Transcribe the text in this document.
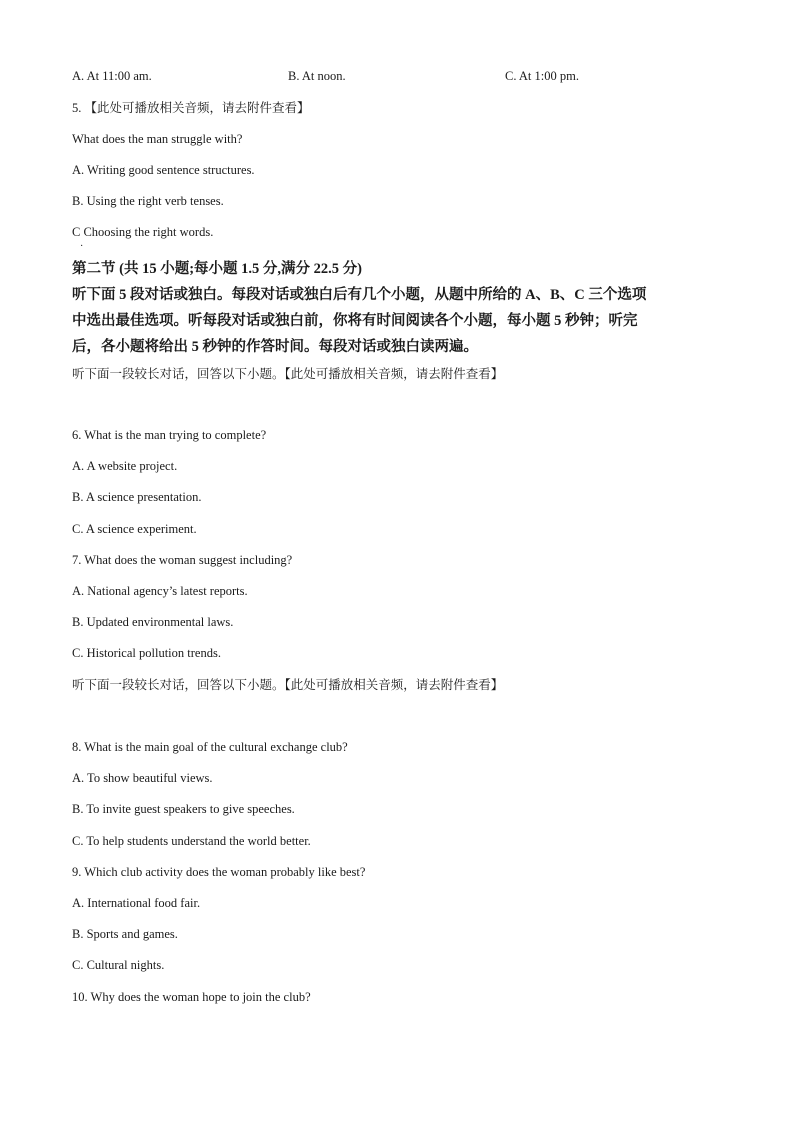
A. At 11:00 am.	B. At noon.	C. At 1:00 pm.
5. 【此处可播放相关音频，请去附件查看】
What does the man struggle with?
A. Writing good sentence structures.
B. Using the right verb tenses.
C Choosing the right words.
·
第二节 (共 15 小题;每小题 1.5 分,满分 22.5 分)
听下面 5 段对话或独白。每段对话或独白后有几个小题，从题中所给的 A、B、C 三个选项
中选出最佳选项。听每段对话或独白前，你将有时间阅读各个小题，每小题 5 秒钟；听完
后，各小题将给出 5 秒钟的作答时间。每段对话或独白读两遍。
听下面一段较长对话，回答以下小题。【此处可播放相关音频，请去附件查看】
6. What is the man trying to complete?
A. A website project.
B. A science presentation.
C. A science experiment.
7. What does the woman suggest including?
A. National agency’s latest reports.
B. Updated environmental laws.
C. Historical pollution trends.
听下面一段较长对话，回答以下小题。【此处可播放相关音频，请去附件查看】
8. What is the main goal of the cultural exchange club?
A. To show beautiful views.
B. To invite guest speakers to give speeches.
C. To help students understand the world better.
9. Which club activity does the woman probably like best?
A. International food fair.
B. Sports and games.
C. Cultural nights.
10. Why does the woman hope to join the club?
